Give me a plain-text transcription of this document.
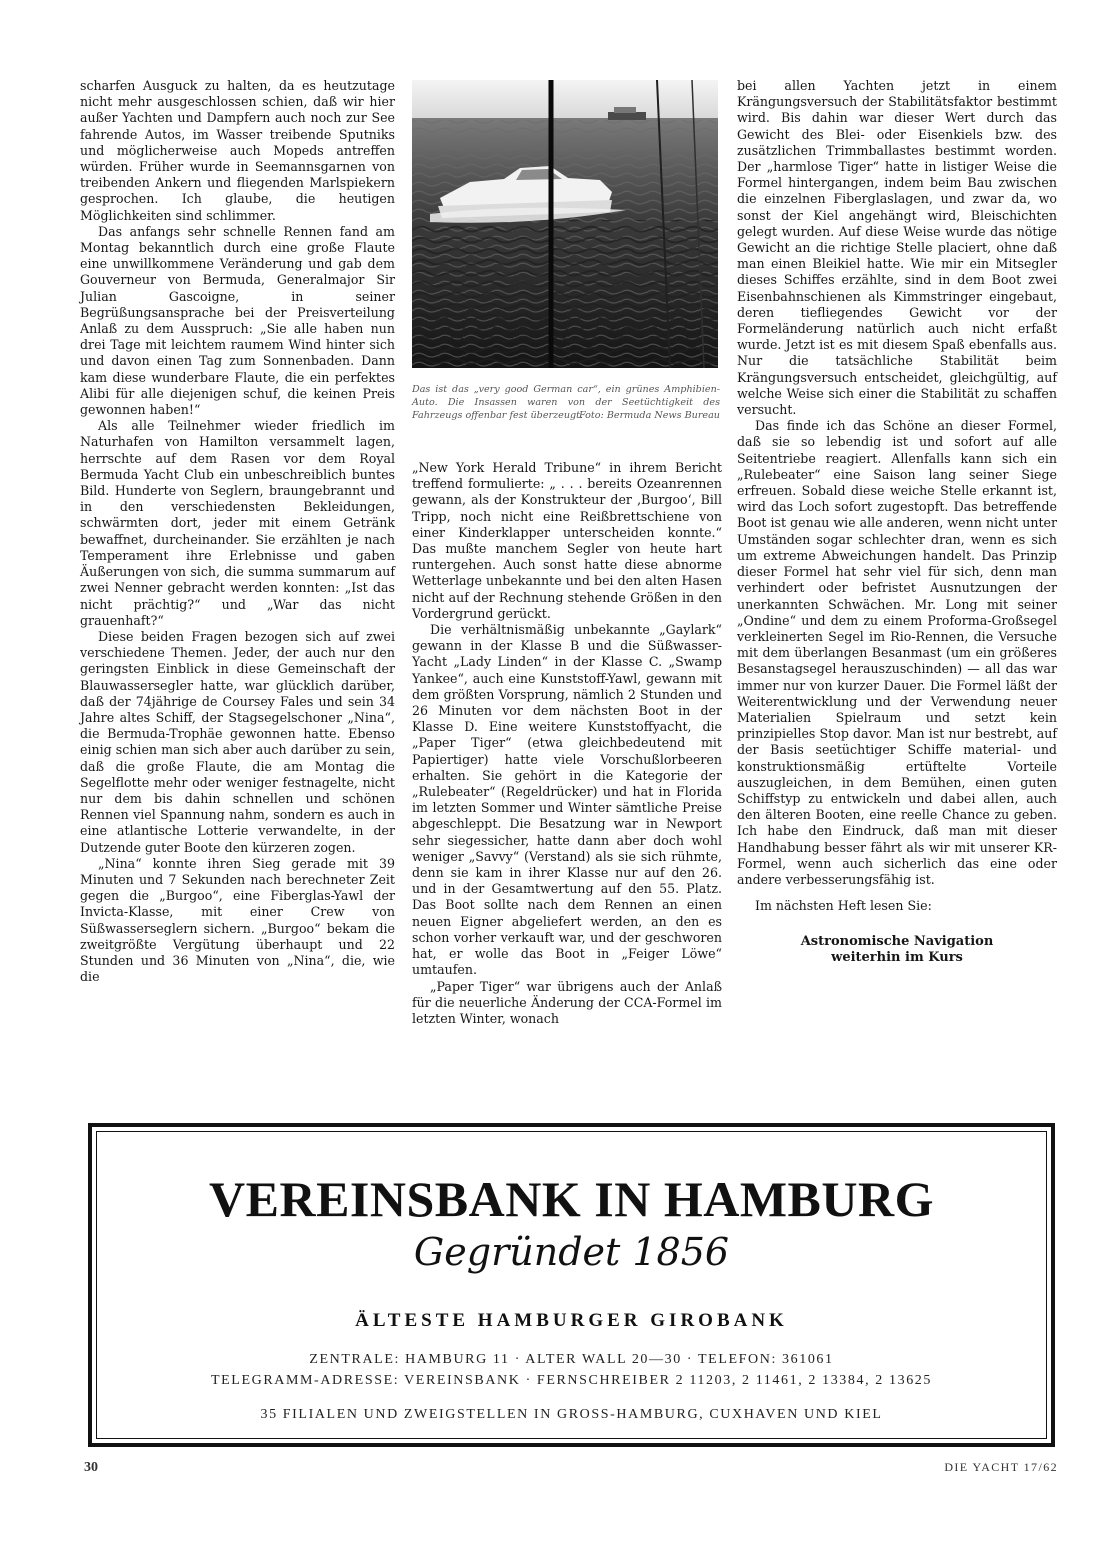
scharfen Ausguck zu halten, da es heutzutage nicht mehr ausgeschlossen schien, daß wir hier außer Yachten und Dampfern auch noch zur See fahrende Autos, im Wasser treibende Sputniks und möglicherweise auch Mopeds antreffen würden. Früher wurde in Seemannsgarnen von treibenden Ankern und fliegenden Marlspiekern gesprochen. Ich glaube, die heutigen Möglichkeiten sind schlimmer.

Das anfangs sehr schnelle Rennen fand am Montag bekanntlich durch eine große Flaute eine unwillkommene Veränderung und gab dem Gouverneur von Bermuda, Generalmajor Sir Julian Gascoigne, in seiner Begrüßungsansprache bei der Preisverteilung Anlaß zu dem Ausspruch: „Sie alle haben nun drei Tage mit leichtem raumem Wind hinter sich und davon einen Tag zum Sonnenbaden. Dann kam diese wunderbare Flaute, die ein perfektes Alibi für alle diejenigen schuf, die keinen Preis gewonnen haben!“

Als alle Teilnehmer wieder friedlich im Naturhafen von Hamilton versammelt lagen, herrschte auf dem Rasen vor dem Royal Bermuda Yacht Club ein unbeschreiblich buntes Bild. Hunderte von Seglern, braungebrannt und in den verschiedensten Bekleidungen, schwärmten dort, jeder mit einem Getränk bewaffnet, durcheinander. Sie erzählten je nach Temperament ihre Erlebnisse und gaben Äußerungen von sich, die summa summarum auf zwei Nenner gebracht werden konnten: „Ist das nicht prächtig?“ und „War das nicht grauenhaft?“

Diese beiden Fragen bezogen sich auf zwei verschiedene Themen. Jeder, der auch nur den geringsten Einblick in diese Gemeinschaft der Blauwassersegler hatte, war glücklich darüber, daß der 74jährige de Coursey Fales und sein 34 Jahre altes Schiff, der Stagsegelschoner „Nina“, die Bermuda-Trophäe gewonnen hatte. Ebenso einig schien man sich aber auch darüber zu sein, daß die große Flaute, die am Montag die Segelflotte mehr oder weniger festnagelte, nicht nur dem bis dahin schnellen und schönen Rennen viel Spannung nahm, sondern es auch in eine atlantische Lotterie verwandelte, in der Dutzende guter Boote den kürzeren zogen.

„Nina“ konnte ihren Sieg gerade mit 39 Minuten und 7 Sekunden nach berechneter Zeit gegen die „Burgoo“, eine Fiberglas-Yawl der Invicta-Klasse, mit einer Crew von Süßwasserseglern sichern. „Burgoo“ bekam die zweitgrößte Vergütung überhaupt und 22 Stunden und 36 Minuten von „Nina“, die, wie die

Das ist das „very good German car“, ein grünes Amphibien-Auto. Die Insassen waren von der Seetüchtigkeit des Fahrzeugs offenbar fest überzeugt.
Foto: Bermuda News Bureau

„New York Herald Tribune“ in ihrem Bericht treffend formulierte: „ . . . bereits Ozeanrennen gewann, als der Konstrukteur der ‚Burgoo‘, Bill Tripp, noch nicht eine Reißbrettschiene von einer Kinderklapper unterscheiden konnte.“ Das mußte manchem Segler von heute hart runtergehen. Auch sonst hatte diese abnorme Wetterlage unbekannte und bei den alten Hasen nicht auf der Rechnung stehende Größen in den Vordergrund gerückt.

Die verhältnismäßig unbekannte „Gaylark“ gewann in der Klasse B und die Süßwasser-Yacht „Lady Linden“ in der Klasse C. „Swamp Yankee“, auch eine Kunststoff-Yawl, gewann mit dem größten Vorsprung, nämlich 2 Stunden und 26 Minuten vor dem nächsten Boot in der Klasse D. Eine weitere Kunststoffyacht, die „Paper Tiger“ (etwa gleichbedeutend mit Papiertiger) hatte viele Vorschußlorbeeren erhalten. Sie gehört in die Kategorie der „Rulebeater“ (Regeldrücker) und hat in Florida im letzten Sommer und Winter sämtliche Preise abgeschleppt. Die Besatzung war in Newport sehr siegessicher, hatte dann aber doch wohl weniger „Savvy“ (Verstand) als sie sich rühmte, denn sie kam in ihrer Klasse nur auf den 26. und in der Gesamtwertung auf den 55. Platz. Das Boot sollte nach dem Rennen an einen neuen Eigner abgeliefert werden, an den es schon vorher verkauft war, und der geschworen hat, er wolle das Boot in „Feiger Löwe“ umtaufen.

„Paper Tiger“ war übrigens auch der Anlaß für die neuerliche Änderung der CCA-Formel im letzten Winter, wonach

bei allen Yachten jetzt in einem Krängungsversuch der Stabilitätsfaktor bestimmt wird. Bis dahin war dieser Wert durch das Gewicht des Blei- oder Eisenkiels bzw. des zusätzlichen Trimmballastes bestimmt worden. Der „harmlose Tiger“ hatte in listiger Weise die Formel hintergangen, indem beim Bau zwischen die einzelnen Fiberglaslagen, und zwar da, wo sonst der Kiel angehängt wird, Bleischichten gelegt wurden. Auf diese Weise wurde das nötige Gewicht an die richtige Stelle placiert, ohne daß man einen Bleikiel hatte. Wie mir ein Mitsegler dieses Schiffes erzählte, sind in dem Boot zwei Eisenbahnschienen als Kimmstringer eingebaut, deren tiefliegendes Gewicht vor der Formeländerung natürlich auch nicht erfaßt wurde. Jetzt ist es mit diesem Spaß ebenfalls aus. Nur die tatsächliche Stabilität beim Krängungsversuch entscheidet, gleichgültig, auf welche Weise sich einer die Stabilität zu schaffen versucht.

Das finde ich das Schöne an dieser Formel, daß sie so lebendig ist und sofort auf alle Seitentriebe reagiert. Allenfalls kann sich ein „Rulebeater“ eine Saison lang seiner Siege erfreuen. Sobald diese weiche Stelle erkannt ist, wird das Loch sofort zugestopft. Das betreffende Boot ist genau wie alle anderen, wenn nicht unter Umständen sogar schlechter dran, wenn es sich um extreme Abweichungen handelt. Das Prinzip dieser Formel hat sehr viel für sich, denn man verhindert oder befristet Ausnutzungen der unerkannten Schwächen. Mr. Long mit seiner „Ondine“ und dem zu einem Proformа-Großsegel verkleinerten Segel im Rio-Rennen, die Versuche mit dem überlangen Besanmast (um ein größeres Besanstagsegel herauszuschinden) — all das war immer nur von kurzer Dauer. Die Formel läßt der Weiterentwicklung und der Verwendung neuer Materialien Spielraum und setzt kein prinzipielles Stop davor. Man ist nur bestrebt, auf der Basis seetüchtiger Schiffe material- und konstruktionsmäßig ertüftelte Vorteile auszugleichen, in dem Bemühen, einen guten Schiffstyp zu entwickeln und dabei allen, auch den älteren Booten, eine reelle Chance zu geben. Ich habe den Eindruck, daß man mit dieser Handhabung besser fährt als wir mit unserer KR-Formel, wenn auch sicherlich das eine oder andere verbesserungsfähig ist.

Im nächsten Heft lesen Sie:

Astronomische Navigation
weiterhin im Kurs
VEREINSBANK IN HAMBURG
Gegründet 1856
ÄLTESTE HAMBURGER GIROBANK
ZENTRALE: HAMBURG 11 · ALTER WALL 20—30 · TELEFON: 361061
TELEGRAMM-ADRESSE: VEREINSBANK · FERNSCHREIBER 2 11203, 2 11461, 2 13384, 2 13625
35 FILIALEN UND ZWEIGSTELLEN IN GROSS-HAMBURG, CUXHAVEN UND KIEL
30	DIE YACHT 17/62
